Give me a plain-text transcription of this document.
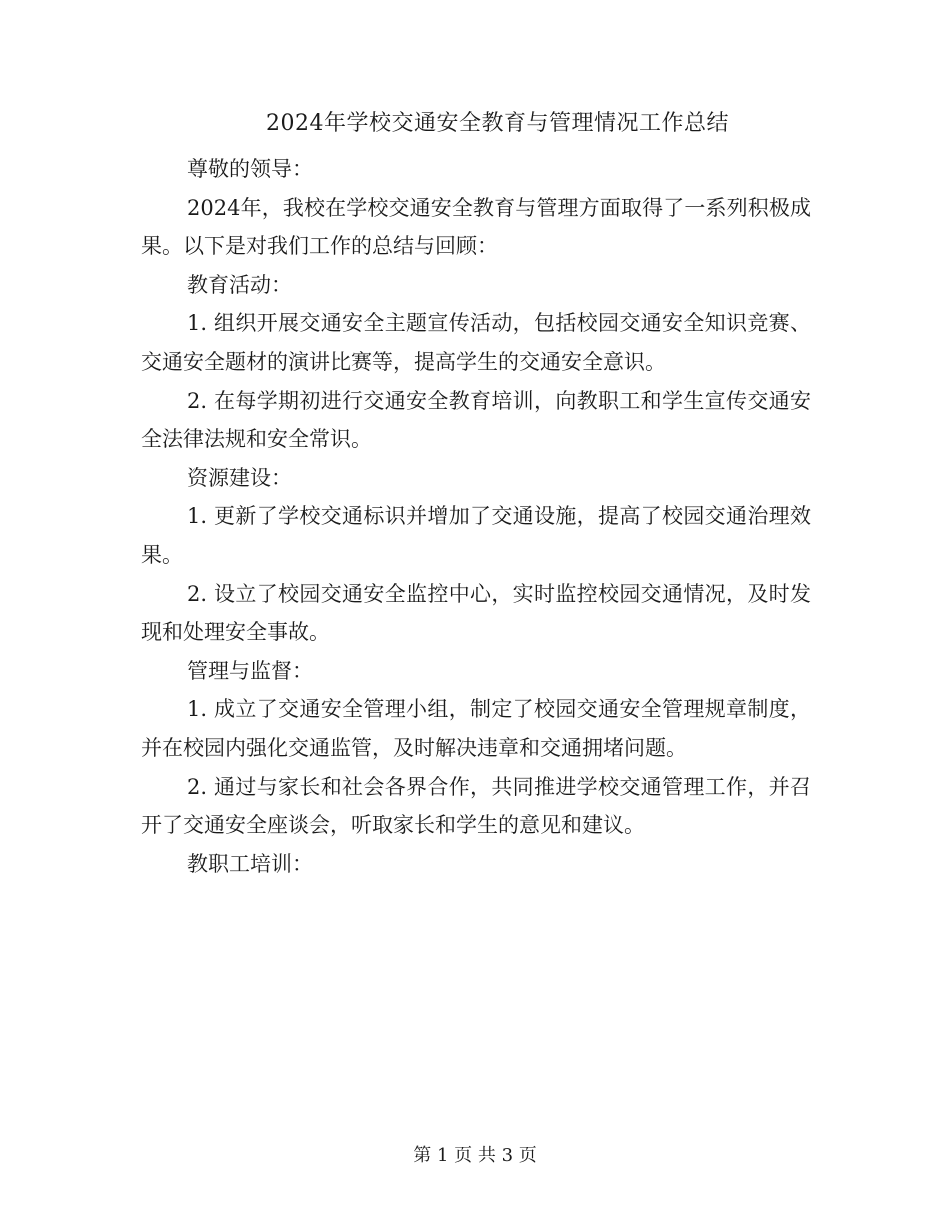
2024年学校交通安全教育与管理情况工作总结

尊敬的领导：

2024年，我校在学校交通安全教育与管理方面取得了一系列积极成果。以下是对我们工作的总结与回顾：

教育活动：

1. 组织开展交通安全主题宣传活动，包括校园交通安全知识竞赛、交通安全题材的演讲比赛等，提高学生的交通安全意识。

2. 在每学期初进行交通安全教育培训，向教职工和学生宣传交通安全法律法规和安全常识。

资源建设：

1. 更新了学校交通标识并增加了交通设施，提高了校园交通治理效果。

2. 设立了校园交通安全监控中心，实时监控校园交通情况，及时发现和处理安全事故。

管理与监督：

1. 成立了交通安全管理小组，制定了校园交通安全管理规章制度，并在校园内强化交通监管，及时解决违章和交通拥堵问题。

2. 通过与家长和社会各界合作，共同推进学校交通管理工作，并召开了交通安全座谈会，听取家长和学生的意见和建议。

教职工培训：

第 1 页 共 3 页
